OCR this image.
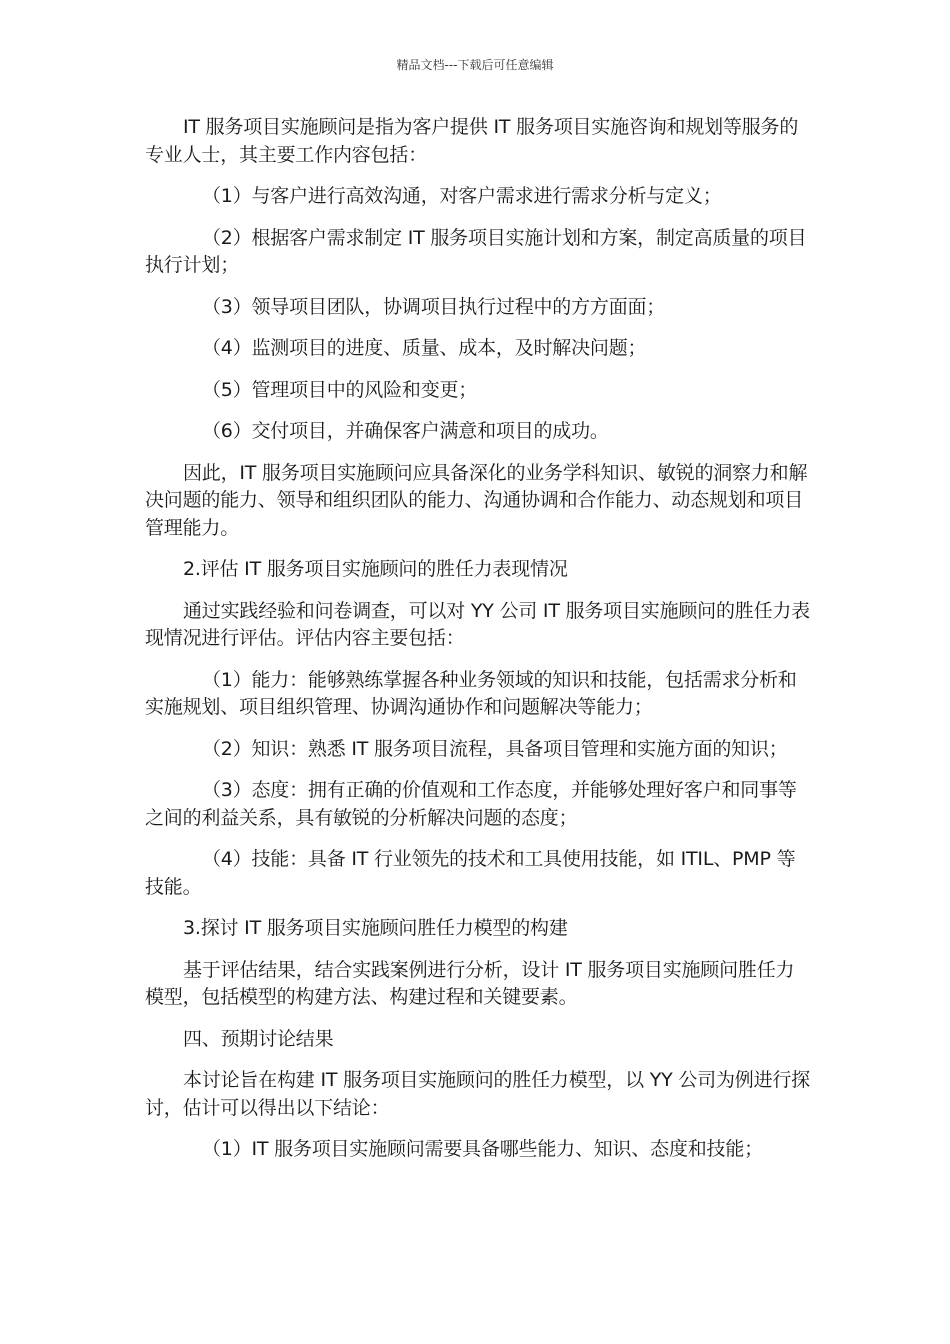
精品文档---下载后可任意编辑

IT 服务项目实施顾问是指为客户提供 IT 服务项目实施咨询和规划等服务的专业人士，其主要工作内容包括：

（1）与客户进行高效沟通，对客户需求进行需求分析与定义；

（2）根据客户需求制定 IT 服务项目实施计划和方案，制定高质量的项目执行计划；

（3）领导项目团队，协调项目执行过程中的方方面面；

（4）监测项目的进度、质量、成本，及时解决问题；

（5）管理项目中的风险和变更；

（6）交付项目，并确保客户满意和项目的成功。

因此，IT 服务项目实施顾问应具备深化的业务学科知识、敏锐的洞察力和解决问题的能力、领导和组织团队的能力、沟通协调和合作能力、动态规划和项目管理能力。

2.评估 IT 服务项目实施顾问的胜任力表现情况

通过实践经验和问卷调查，可以对 YY 公司 IT 服务项目实施顾问的胜任力表现情况进行评估。评估内容主要包括：

（1）能力：能够熟练掌握各种业务领域的知识和技能，包括需求分析和实施规划、项目组织管理、协调沟通协作和问题解决等能力；

（2）知识：熟悉 IT 服务项目流程，具备项目管理和实施方面的知识；

（3）态度：拥有正确的价值观和工作态度，并能够处理好客户和同事等之间的利益关系，具有敏锐的分析解决问题的态度；

（4）技能：具备 IT 行业领先的技术和工具使用技能，如 ITIL、PMP 等技能。

3.探讨 IT 服务项目实施顾问胜任力模型的构建

基于评估结果，结合实践案例进行分析，设计 IT 服务项目实施顾问胜任力模型，包括模型的构建方法、构建过程和关键要素。

四、预期讨论结果

本讨论旨在构建 IT 服务项目实施顾问的胜任力模型，以 YY 公司为例进行探讨，估计可以得出以下结论：

（1）IT 服务项目实施顾问需要具备哪些能力、知识、态度和技能；
